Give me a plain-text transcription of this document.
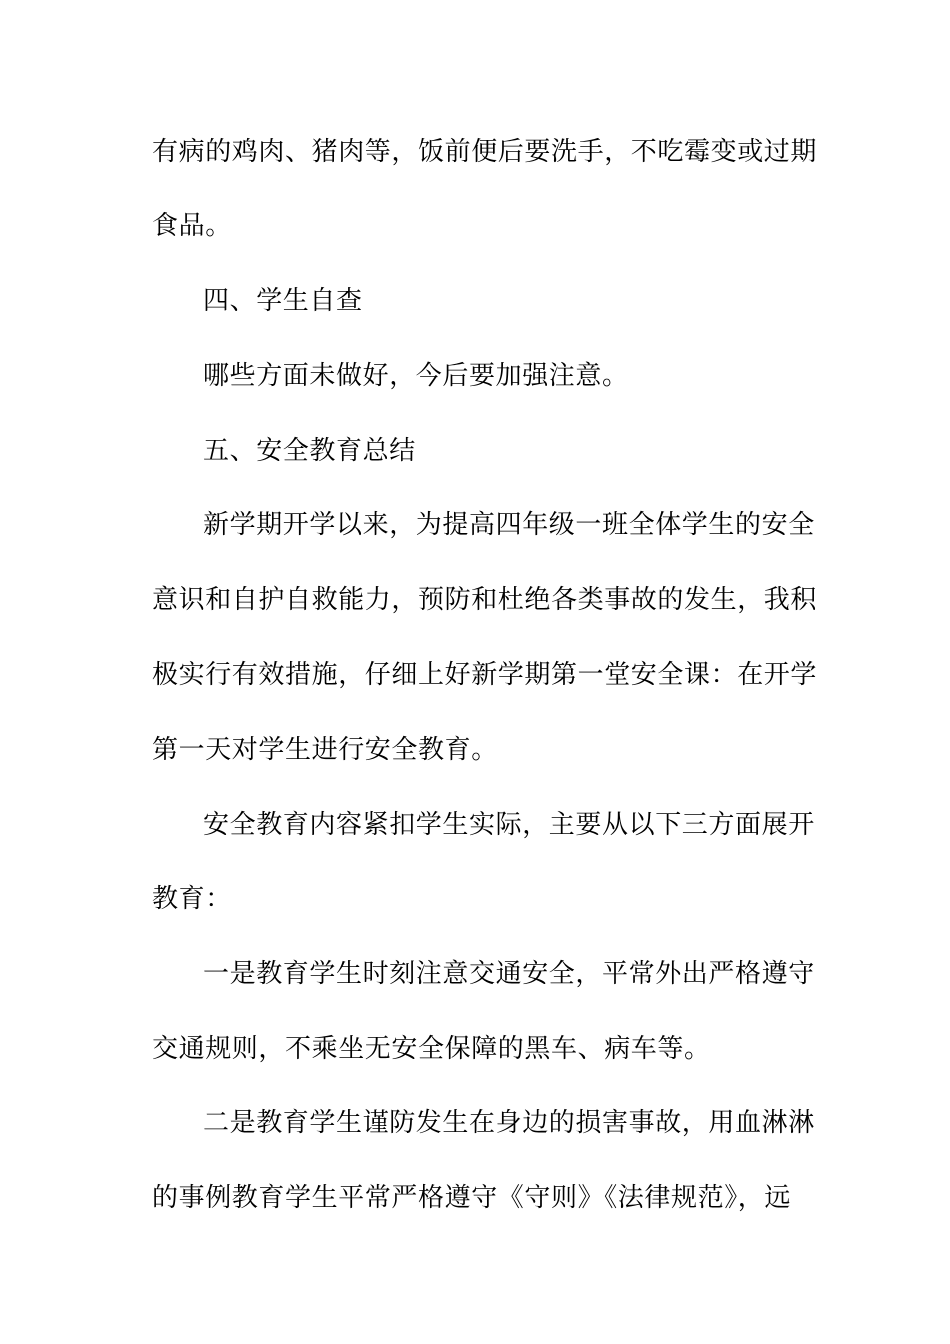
有病的鸡肉、猪肉等，饭前便后要洗手，不吃霉变或过期
食品。
四、学生自查
哪些方面未做好，今后要加强注意。
五、安全教育总结
新学期开学以来，为提高四年级一班全体学生的安全
意识和自护自救能力，预防和杜绝各类事故的发生，我积
极实行有效措施，仔细上好新学期第一堂安全课：在开学
第一天对学生进行安全教育。
安全教育内容紧扣学生实际，主要从以下三方面展开
教育：
一是教育学生时刻注意交通安全，平常外出严格遵守
交通规则，不乘坐无安全保障的黑车、病车等。
二是教育学生谨防发生在身边的损害事故，用血淋淋
的事例教育学生平常严格遵守《守则》《法律规范》，远
